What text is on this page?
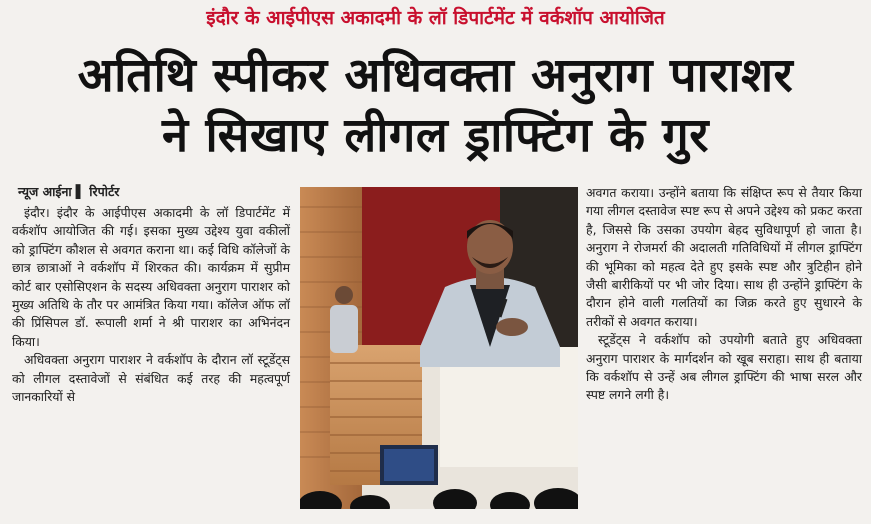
इंदौर के आईपीएस अकादमी के लॉ डिपार्टमेंट में वर्कशॉप आयोजित
अतिथि स्पीकर अधिवक्ता अनुराग पाराशर
ने सिखाए लीगल ड्राफ्टिंग के गुर
न्यूज आईना ▌ रिपोर्टर

इंदौर। इंदौर के आईपीएस अकादमी के लॉ डिपार्टमेंट में वर्कशॉप आयोजित की गई। इसका मुख्य उद्देश्य युवा वकीलों को ड्राफ्टिंग कौशल से अवगत कराना था। कई विधि कॉलेजों के छात्र छात्राओं ने वर्कशॉप में शिरकत की। कार्यक्रम में सुप्रीम कोर्ट बार एसोसिएशन के सदस्य अधिवक्ता अनुराग पाराशर को मुख्य अतिथि के तौर पर आमंत्रित किया गया। कॉलेज ऑफ लॉ की प्रिंसिपल डॉ. रूपाली शर्मा ने श्री पाराशर का अभिनंदन किया।

अधिवक्ता अनुराग पाराशर ने वर्कशॉप के दौरान लॉ स्टूडेंट्स को लीगल दस्तावेजों से संबंधित कई तरह की महत्वपूर्ण जानकारियों से

अवगत कराया। उन्होंने बताया कि संक्षिप्त रूप से तैयार किया गया लीगल दस्तावेज स्पष्ट रूप से अपने उद्देश्य को प्रकट करता है, जिससे कि उसका उपयोग बेहद सुविधापूर्ण हो जाता है। अनुराग ने रोजमर्रा की अदालती गतिविधियों में लीगल ड्राफ्टिंग की भूमिका को महत्व देते हुए इसके स्पष्ट और त्रुटिहीन होने जैसी बारीकियों पर भी जोर दिया। साथ ही उन्होंने ड्राफ्टिंग के दौरान होने वाली गलतियों का जिक्र करते हुए सुधारने के तरीकों से अवगत कराया।

स्टूडेंट्स ने वर्कशॉप को उपयोगी बताते हुए अधिवक्ता अनुराग पाराशर के मार्गदर्शन को खूब सराहा। साथ ही बताया कि वर्कशॉप से उन्हें अब लीगल ड्राफ्टिंग की भाषा सरल और स्पष्ट लगने लगी है।
